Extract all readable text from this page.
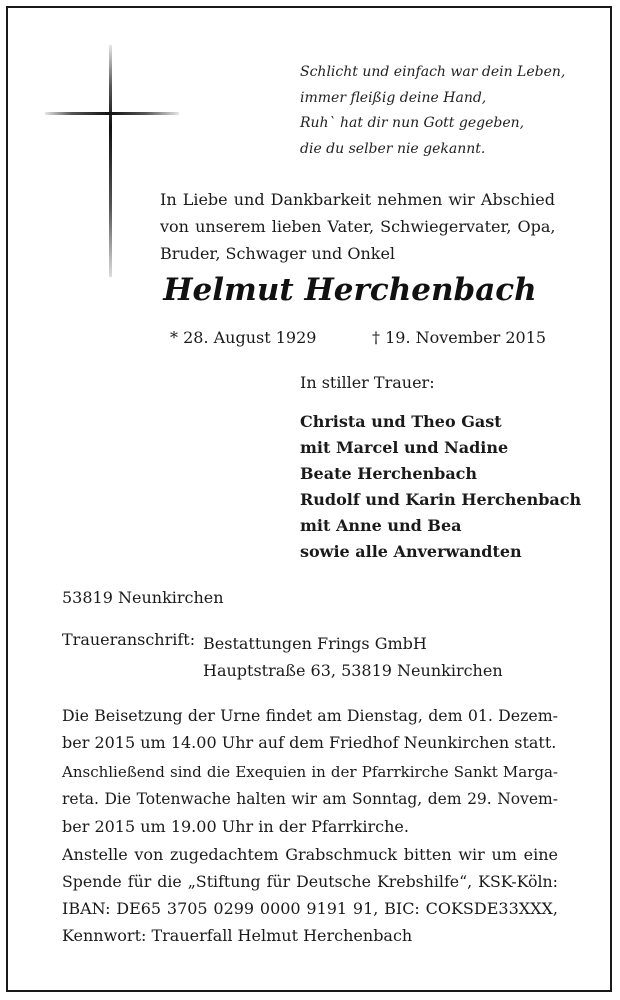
Schlicht und einfach war dein Leben,
immer fleißig deine Hand,
Ruh` hat dir nun Gott gegeben,
die du selber nie gekannt.
In Liebe und Dankbarkeit nehmen wir Abschied
von unserem lieben Vater, Schwiegervater, Opa,
Bruder, Schwager und Onkel
Helmut Herchenbach
* 28. August 1929	† 19. November 2015
In stiller Trauer:
Christa und Theo Gast
mit Marcel und Nadine
Beate Herchenbach
Rudolf und Karin Herchenbach
mit Anne und Bea
sowie alle Anverwandten
53819 Neunkirchen
Traueranschrift: Bestattungen Frings GmbH
Hauptstraße 63, 53819 Neunkirchen
Die Beisetzung der Urne findet am Dienstag, dem 01. Dezem-
ber 2015 um 14.00 Uhr auf dem Friedhof Neunkirchen statt.
Anschließend sind die Exequien in der Pfarrkirche Sankt Marga-
reta. Die Totenwache halten wir am Sonntag, dem 29. Novem-
ber 2015 um 19.00 Uhr in der Pfarrkirche.
Anstelle von zugedachtem Grabschmuck bitten wir um eine
Spende für die „Stiftung für Deutsche Krebshilfe“, KSK-Köln:
IBAN: DE65 3705 0299 0000 9191 91, BIC: COKSDE33XXX,
Kennwort: Trauerfall Helmut Herchenbach
